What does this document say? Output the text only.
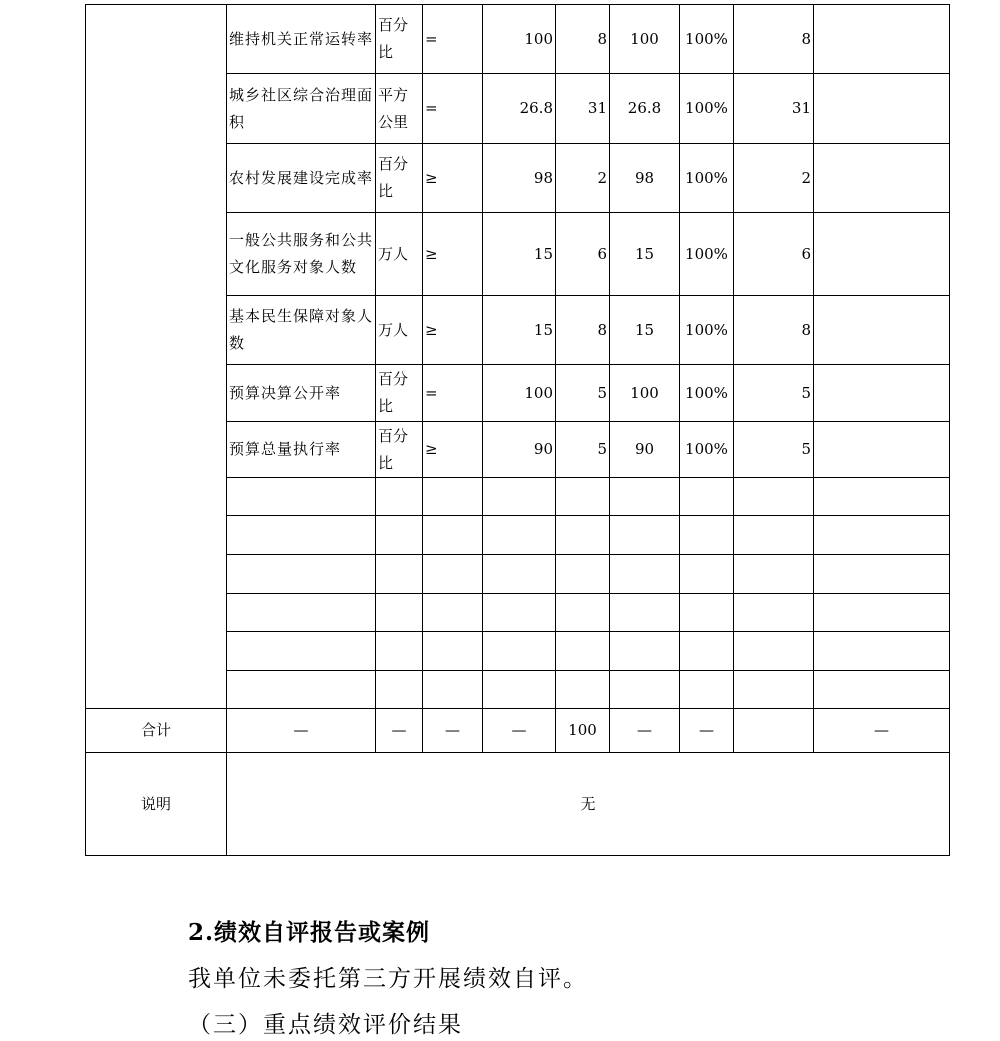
	维持机关正常运转率	百分比	=	100	8	100	100%	8	
	城乡社区综合治理面积	平方公里	=	26.8	31	26.8	100%	31	
	农村发展建设完成率	百分比	≥	98	2	98	100%	2	
	一般公共服务和公共文化服务对象人数	万人	≥	15	6	15	100%	6	
	基本民生保障对象人数	万人	≥	15	8	15	100%	8	
	预算决算公开率	百分比	=	100	5	100	100%	5	
	预算总量执行率	百分比	≥	90	5	90	100%	5	

合计	—	—	—	—	100	—	—		—
说明	无								
2.绩效自评报告或案例

我单位未委托第三方开展绩效自评。

（三）重点绩效评价结果
